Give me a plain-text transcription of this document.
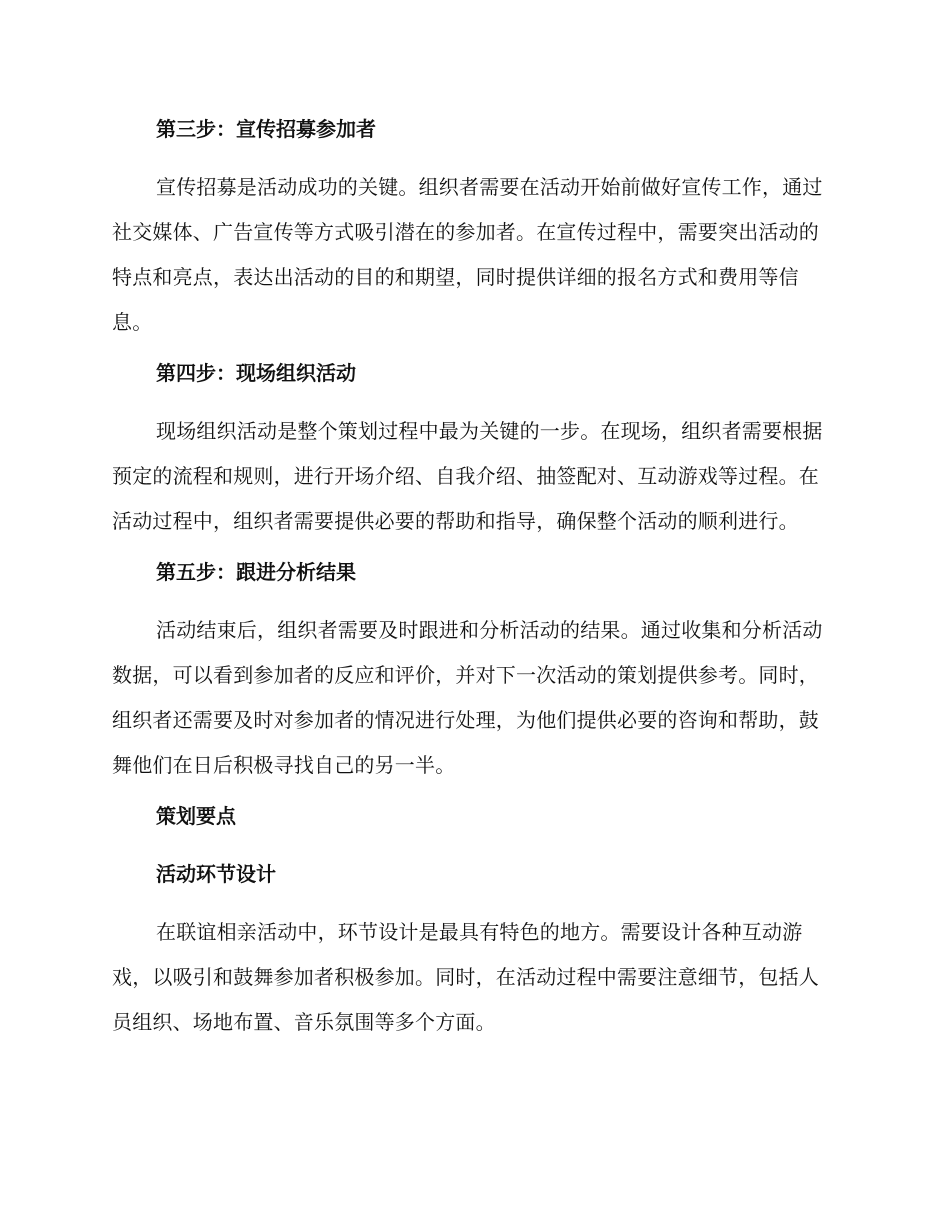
第三步：宣传招募参加者

宣传招募是活动成功的关键。组织者需要在活动开始前做好宣传工作，通过社交媒体、广告宣传等方式吸引潜在的参加者。在宣传过程中，需要突出活动的特点和亮点，表达出活动的目的和期望，同时提供详细的报名方式和费用等信息。

第四步：现场组织活动

现场组织活动是整个策划过程中最为关键的一步。在现场，组织者需要根据预定的流程和规则，进行开场介绍、自我介绍、抽签配对、互动游戏等过程。在活动过程中，组织者需要提供必要的帮助和指导，确保整个活动的顺利进行。

第五步：跟进分析结果

活动结束后，组织者需要及时跟进和分析活动的结果。通过收集和分析活动数据，可以看到参加者的反应和评价，并对下一次活动的策划提供参考。同时，组织者还需要及时对参加者的情况进行处理，为他们提供必要的咨询和帮助，鼓舞他们在日后积极寻找自己的另一半。

策划要点
活动环节设计

在联谊相亲活动中，环节设计是最具有特色的地方。需要设计各种互动游戏，以吸引和鼓舞参加者积极参加。同时，在活动过程中需要注意细节，包括人员组织、场地布置、音乐氛围等多个方面。
